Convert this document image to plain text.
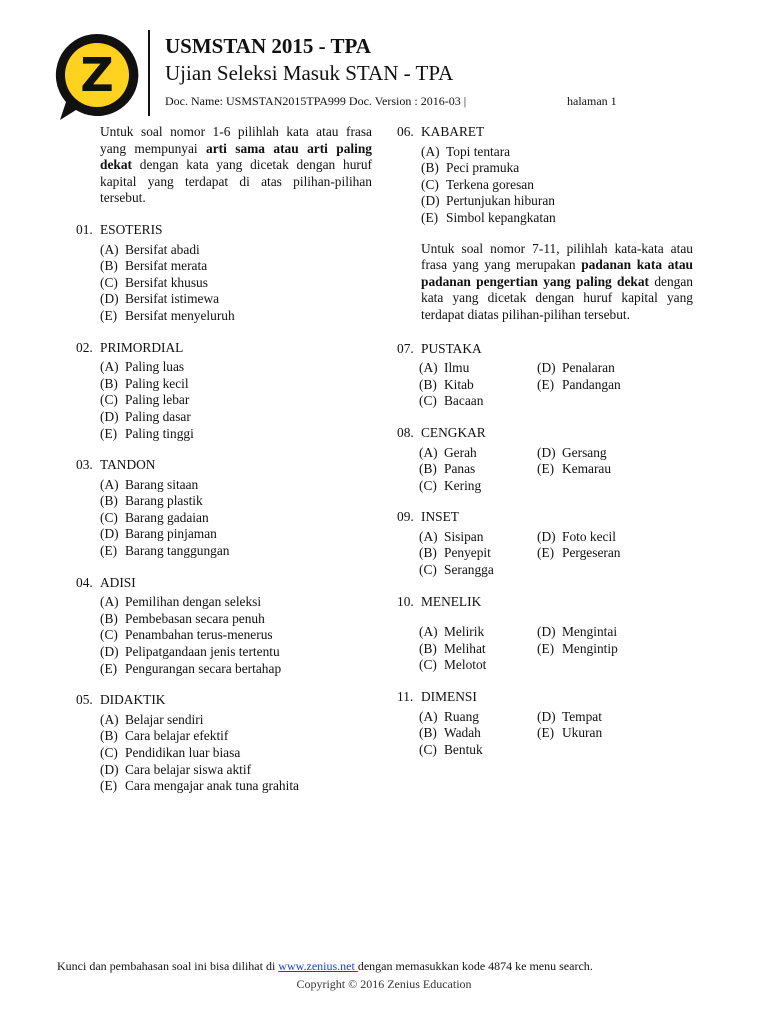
Z
USMSTAN 2015 - TPA
Ujian Seleksi Masuk STAN - TPA
Doc. Name: USMSTAN2015TPA999 Doc. Version : 2016-03 |	halaman 1

Untuk soal nomor 1-6 pilihlah kata atau frasa yang mempunyai arti sama atau arti paling dekat dengan kata yang dicetak dengan huruf kapital yang terdapat di atas pilihan-pilihan tersebut.

01. ESOTERIS
(A) Bersifat abadi
(B) Bersifat merata
(C) Bersifat khusus
(D) Bersifat istimewa
(E) Bersifat menyeluruh
02. PRIMORDIAL
(A) Paling luas
(B) Paling kecil
(C) Paling lebar
(D) Paling dasar
(E) Paling tinggi
03. TANDON
(A) Barang sitaan
(B) Barang plastik
(C) Barang gadaian
(D) Barang pinjaman
(E) Barang tanggungan
04. ADISI
(A) Pemilihan dengan seleksi
(B) Pembebasan secara penuh
(C) Penambahan terus-menerus
(D) Pelipatgandaan jenis tertentu
(E) Pengurangan secara bertahap
05. DIDAKTIK
(A) Belajar sendiri
(B) Cara belajar efektif
(C) Pendidikan luar biasa
(D) Cara belajar siswa aktif
(E) Cara mengajar anak tuna grahita
06. KABARET
(A) Topi tentara
(B) Peci pramuka
(C) Terkena goresan
(D) Pertunjukan hiburan
(E) Simbol kepangkatan

Untuk soal nomor 7-11, pilihlah kata-kata atau frasa yang yang merupakan padanan kata atau padanan pengertian yang paling dekat dengan kata yang dicetak dengan huruf kapital yang terdapat diatas pilihan-pilihan tersebut.

07. PUSTAKA
(A) Ilmu	(D) Penalaran
(B) Kitab	(E) Pandangan
(C) Bacaan
08. CENGKAR
(A) Gerah	(D) Gersang
(B) Panas	(E) Kemarau
(C) Kering
09. INSET
(A) Sisipan	(D) Foto kecil
(B) Penyepit	(E) Pergeseran
(C) Serangga
10. MENELIK
(A) Melirik	(D) Mengintai
(B) Melihat	(E) Mengintip
(C) Melotot
11. DIMENSI
(A) Ruang	(D) Tempat
(B) Wadah	(E) Ukuran
(C) Bentuk
Kunci dan pembahasan soal ini bisa dilihat di www.zenius.net dengan memasukkan kode 4874 ke menu search.
Copyright © 2016 Zenius Education
